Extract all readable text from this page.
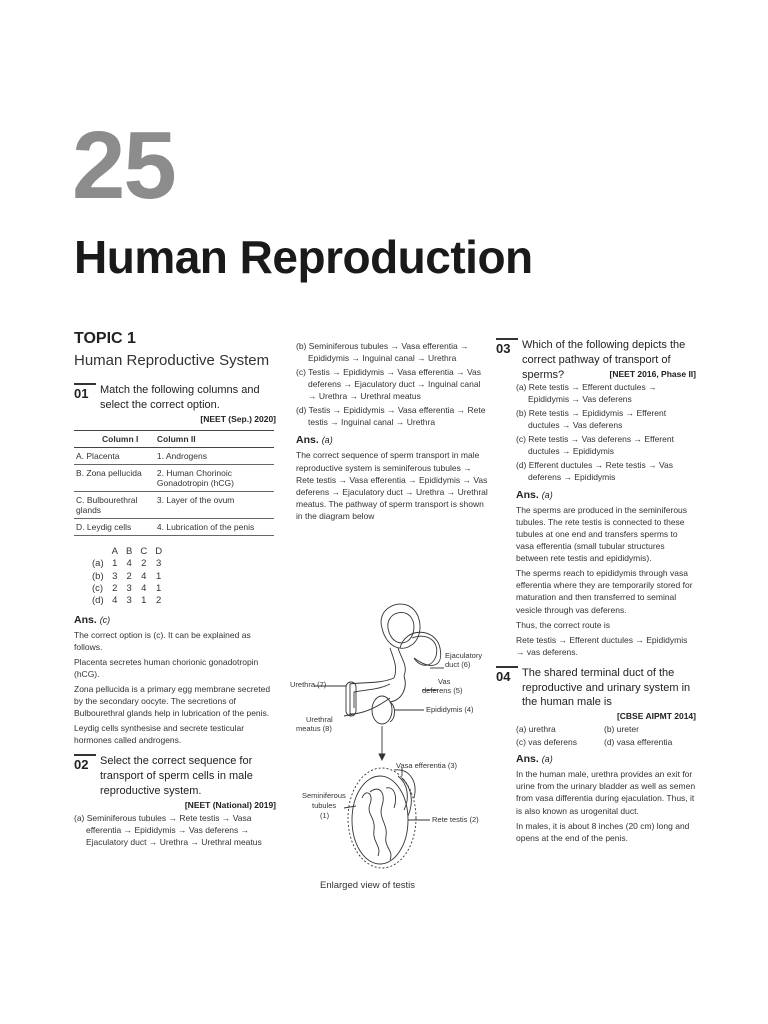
25
Human Reproduction

TOPIC 1

Human Reproductive System

01	Match the following columns and select the correct option.
[NEET (Sep.) 2020]
Column I	Column II
A. Placenta	1. Androgens
B. Zona pellucida	2. Human Chorinoic Gonadotropin (hCG)
C. Bulbourethral glands	3. Layer of the ovum
D. Leydig cells	4. Lubrication of the penis
	A	B	C	D
(a)	1	4	2	3
(b)	3	2	4	1
(c)	2	3	4	1
(d)	4	3	1	2
Ans. (c)

The correct option is (c). It can be explained as follows.

Placenta secretes human chorionic gonadotropin (hCG).

Zona pellucida is a primary egg membrane secreted by the secondary oocyte. The secretions of Bulbourethral glands help in lubrication of the penis.

Leydig cells synthesise and secrete testicular hormones called androgens.

02	Select the correct sequence for transport of sperm cells in male reproductive system.
[NEET (National) 2019]
(a) Seminiferous tubules → Rete testis → Vasa efferentia → Epididymis → Vas deferens → Ejaculatory duct → Urethra → Urethral meatus
(b) Seminiferous tubules → Vasa efferentia → Epididymis → Inguinal canal → Urethra
(c) Testis → Epididymis → Vasa efferentia → Vas deferens → Ejaculatory duct → Inguinal canal → Urethra → Urethral meatus
(d) Testis → Epididymis → Vasa efferentia → Rete testis → Inguinal canal → Urethra
Ans. (a)
The correct sequence of sperm transport in male reproductive system is seminiferous tubules → Rete testis → Vasa efferentia → Epididymis → Vas deferens → Ejaculatory duct → Urethra → Urethral meatus. The pathway of sperm transport is shown in the diagram below
Ejaculatory
duct (6)
Urethra (7)	Vas
deferens (5)
Epididymis (4)
Urethral
meatus (8)
Vasa efferentia (3)
Seminiferous
tubules
(1)	Rete testis (2)
Enlarged view of testis
03	Which of the following depicts the correct pathway of transport of sperms?	[NEET 2016, Phase II]
(a) Rete testis → Efferent ductules → Epididymis → Vas deferens
(b) Rete testis → Epididymis → Efferent ductules → Vas deferens
(c) Rete testis → Vas deferens → Efferent ductules → Epididymis
(d) Efferent ductules → Rete testis → Vas deferens → Epididymis
Ans. (a)

The sperms are produced in the seminiferous tubules. The rete testis is connected to these tubules at one end and transfers sperms to vasa efferentia (small tubular structures between rete testis and epididymis).

The sperms reach to epididymis through vasa efferentia where they are temporarily stored for maturation and then transferred to seminal vesicle through vas deferens.

Thus, the correct route is

Rete testis → Efferent ductules → Epididymis → vas deferens.

04	The shared terminal duct of the reproductive and urinary system in the human male is
[CBSE AIPMT 2014]
(a) urethra	(b) ureter
(c) vas deferens	(d) vasa efferentia
Ans. (a)

In the human male, urethra provides an exit for urine from the urinary bladder as well as semen from vasa differentia during ejaculation. Thus, it is also known as urogenital duct.

In males, it is about 8 inches (20 cm) long and opens at the end of the penis.
